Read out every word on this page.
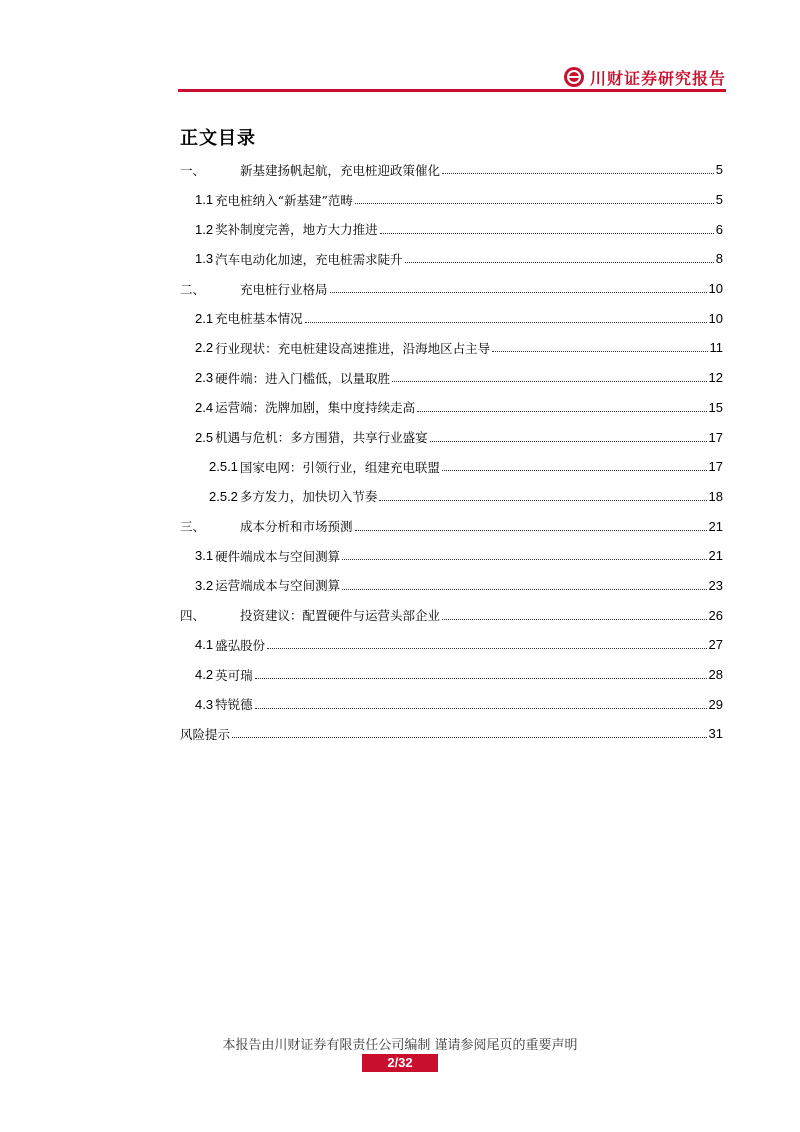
川财证券研究报告
正文目录
一、	新基建扬帆起航，充电桩迎政策催化	5
1.1 充电桩纳入“新基建”范畴	5
1.2 奖补制度完善，地方大力推进	6
1.3 汽车电动化加速，充电桩需求陡升	8
二、	充电桩行业格局	10
2.1 充电桩基本情况	10
2.2 行业现状：充电桩建设高速推进，沿海地区占主导	11
2.3 硬件端：进入门槛低，以量取胜	12
2.4 运营端：洗牌加剧，集中度持续走高	15
2.5 机遇与危机：多方围猎，共享行业盛宴	17
2.5.1 国家电网：引领行业，组建充电联盟	17
2.5.2 多方发力，加快切入节奏	18
三、	成本分析和市场预测	21
3.1 硬件端成本与空间测算	21
3.2 运营端成本与空间测算	23
四、	投资建议：配置硬件与运营头部企业	26
4.1 盛弘股份	27
4.2 英可瑞	28
4.3 特锐德	29
风险提示	31
本报告由川财证券有限责任公司编制 谨请参阅尾页的重要声明
2/32
